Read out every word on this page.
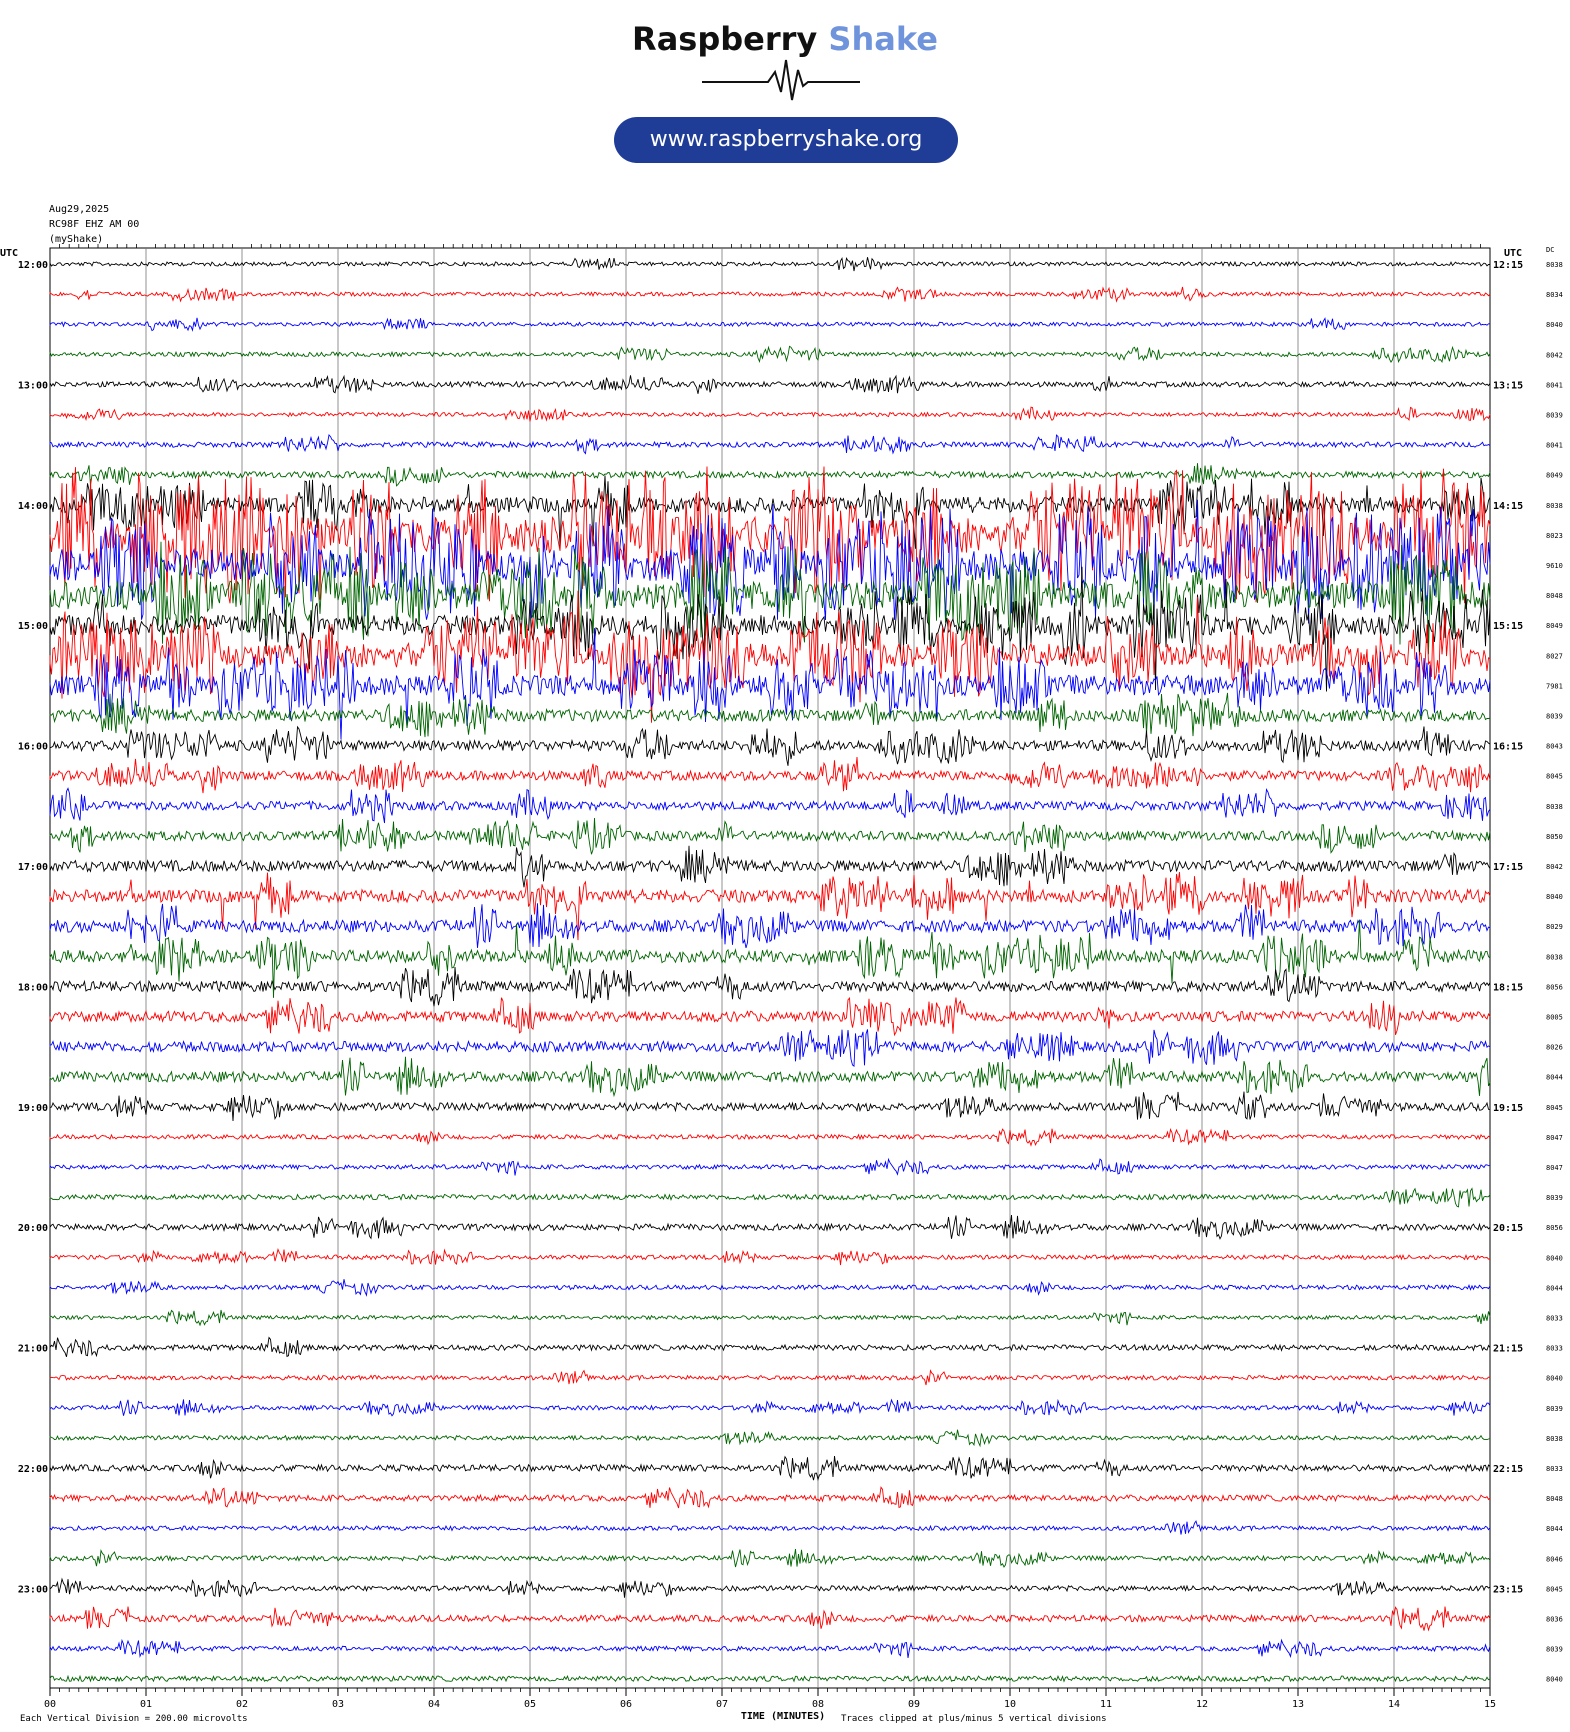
Raspberry Shake
www.raspberryshake.org
Aug29,2025
RC98F EHZ AM 00
(myShake)
00	01	02	03	04	05	06	07	08	09	10	11	12	13	14	15
TIME (MINUTES)
UTC	UTC	DC
12:00	12:15	8038
8034
8040
8042
13:00	13:15	8041
8039
8041
8049
14:00	14:15	8038
8023
9610
8048
15:00	15:15	8049
8027
7981
8039
16:00	16:15	8043
8045
8038
8050
17:00	17:15	8042
8040
8029
8038
18:00	18:15	8056
8005
8026
8044
19:00	19:15	8045
8047
8047
8039
20:00	20:15	8056
8040
8044
8033
21:00	21:15	8033
8040
8039
8038
22:00	22:15	8033
8048
8044
8046
23:00	23:15	8045
8036
8039
8040
Each Vertical Division = 200.00 microvolts	Traces clipped at plus/minus 5 vertical divisions
